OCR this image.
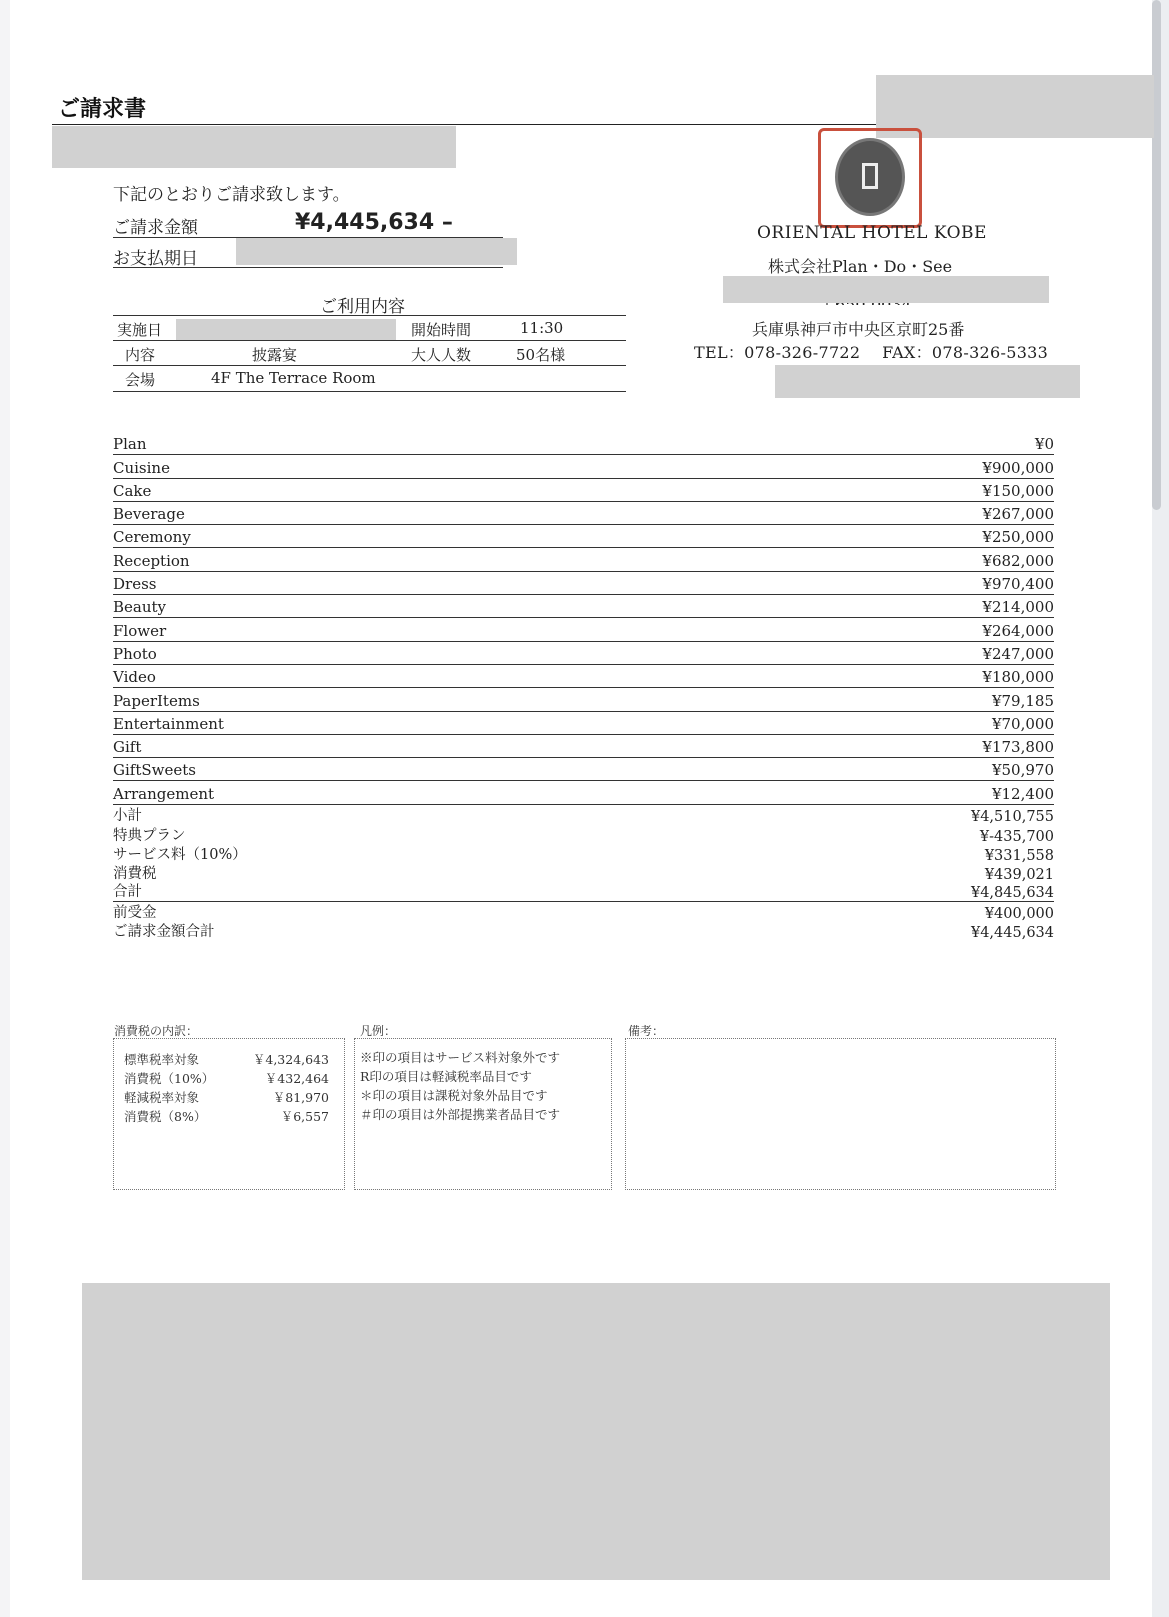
ご請求書
下記のとおりご請求致します。
ご請求金額	¥4,445,634 –
お支払期日
ご利用内容
実施日	開始時間	11:30
内容	披露宴	大人人数	50名様
会場	4F The Terrace Room
ORIENTAL HOTEL KOBE
株式会社Plan・Do・See
兵庫県神戸市中央区京町25番
TEL：078-326-7722　 FAX：078-326-5333
Plan	¥0
Cuisine	¥900,000
Cake	¥150,000
Beverage	¥267,000
Ceremony	¥250,000
Reception	¥682,000
Dress	¥970,400
Beauty	¥214,000
Flower	¥264,000
Photo	¥247,000
Video	¥180,000
PaperItems	¥79,185
Entertainment	¥70,000
Gift	¥173,800
GiftSweets	¥50,970
Arrangement	¥12,400
小計	¥4,510,755
特典プラン	¥-435,700
サービス料（10%）	¥331,558
消費税	¥439,021
合計	¥4,845,634
前受金	¥400,000
ご請求金額合計	¥4,445,634
消費税の内訳：	凡例：	備考：
標準税率対象	￥4,324,643
消費税（10%）	￥432,464
軽減税率対象	￥81,970
消費税（8%）	￥6,557
※印の項目はサービス料対象外です
R印の項目は軽減税率品目です
＊印の項目は課税対象外品目です
＃印の項目は外部提携業者品目です
